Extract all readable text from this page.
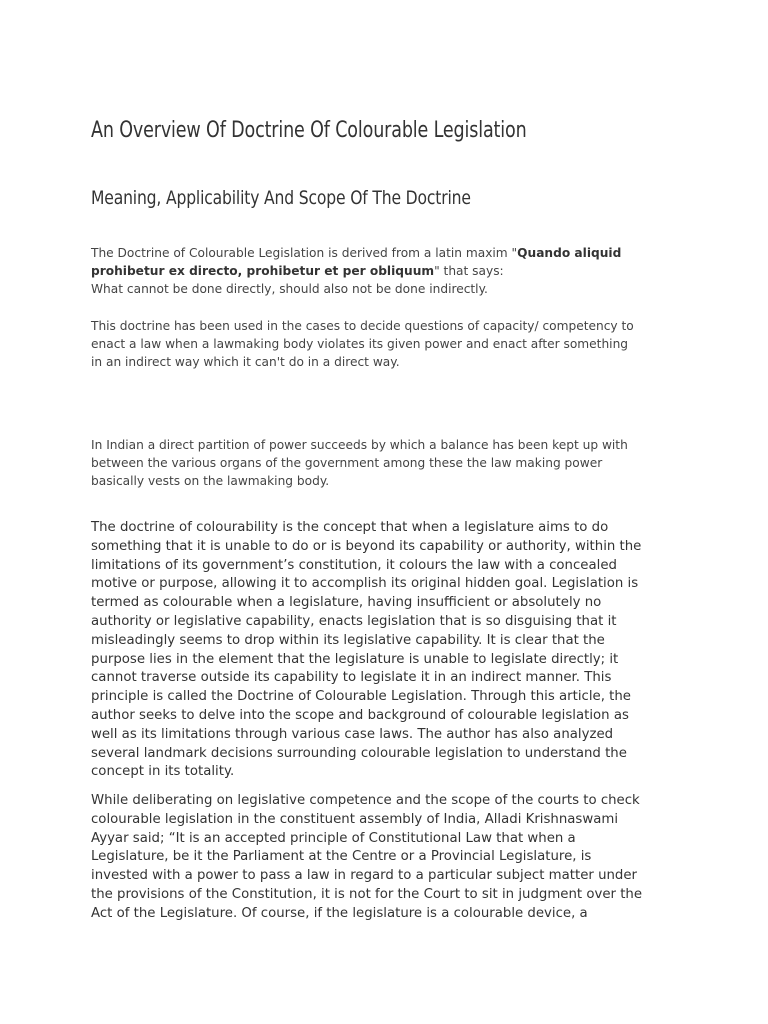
An Overview Of Doctrine Of Colourable Legislation
Meaning, Applicability And Scope Of The Doctrine

The Doctrine of Colourable Legislation is derived from a latin maxim "Quando aliquid
prohibetur ex directo, prohibetur et per obliquum" that says:
What cannot be done directly, should also not be done indirectly.

This doctrine has been used in the cases to decide questions of capacity/ competency to
enact a law when a lawmaking body violates its given power and enact after something
in an indirect way which it can't do in a direct way.

In Indian a direct partition of power succeeds by which a balance has been kept up with
between the various organs of the government among these the law making power
basically vests on the lawmaking body.

The doctrine of colourability is the concept that when a legislature aims to do
something that it is unable to do or is beyond its capability or authority, within the
limitations of its government’s constitution, it colours the law with a concealed
motive or purpose, allowing it to accomplish its original hidden goal. Legislation is
termed as colourable when a legislature, having insufficient or absolutely no
authority or legislative capability, enacts legislation that is so disguising that it
misleadingly seems to drop within its legislative capability. It is clear that the
purpose lies in the element that the legislature is unable to legislate directly; it
cannot traverse outside its capability to legislate it in an indirect manner. This
principle is called the Doctrine of Colourable Legislation. Through this article, the
author seeks to delve into the scope and background of colourable legislation as
well as its limitations through various case laws. The author has also analyzed
several landmark decisions surrounding colourable legislation to understand the
concept in its totality.

While deliberating on legislative competence and the scope of the courts to check
colourable legislation in the constituent assembly of India, Alladi Krishnaswami
Ayyar said; “It is an accepted principle of Constitutional Law that when a
Legislature, be it the Parliament at the Centre or a Provincial Legislature, is
invested with a power to pass a law in regard to a particular subject matter under
the provisions of the Constitution, it is not for the Court to sit in judgment over the
Act of the Legislature. Of course, if the legislature is a colourable device, a
